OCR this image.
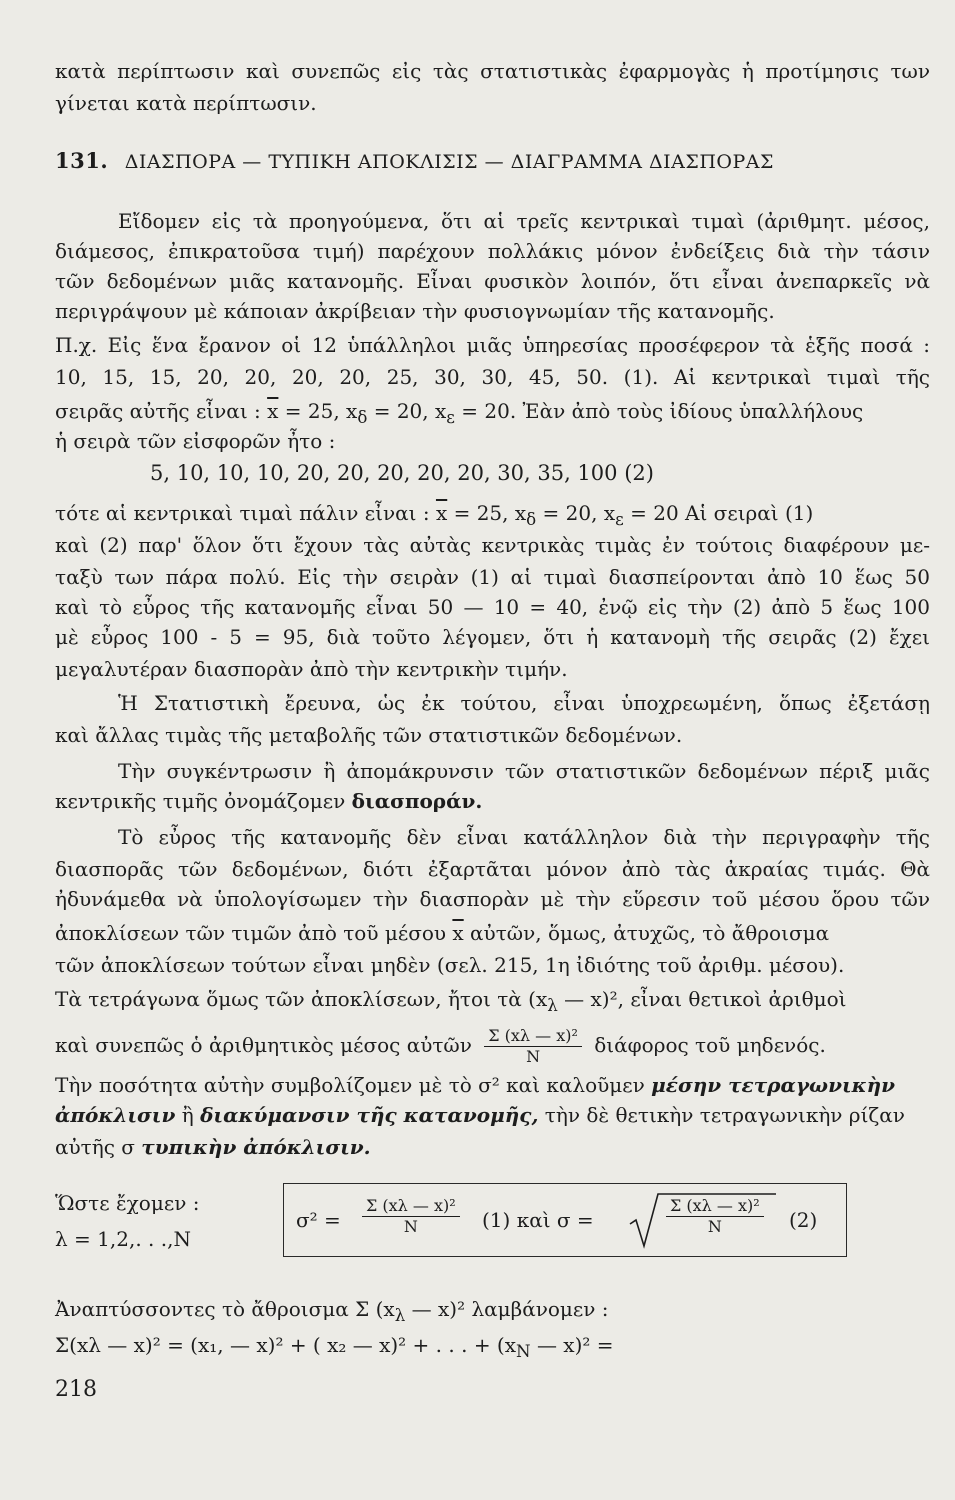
κατὰ περίπτωσιν καὶ συνεπῶς εἰς τὰς στατιστικὰς ἐφαρμογὰς ἡ προτίμησις των
γίνεται κατὰ περίπτωσιν.
131. ΔΙΑΣΠΟΡΑ — ΤΥΠΙΚΗ ΑΠΟΚΛΙΣΙΣ — ΔΙΑΓΡΑΜΜΑ ΔΙΑΣΠΟΡΑΣ
Εἴδομεν εἰς τὰ προηγούμενα, ὅτι αἱ τρεῖς κεντρικαὶ τιμαὶ (ἀριθμητ. μέσος,
διάμεσος, ἐπικρατοῦσα τιμή) παρέχουν πολλάκις μόνον ἐνδείξεις διὰ τὴν τάσιν
τῶν δεδομένων μιᾶς κατανομῆς. Εἶναι φυσικὸν λοιπόν, ὅτι εἶναι ἀνεπαρκεῖς νὰ
περιγράψουν μὲ κάποιαν ἀκρίβειαν τὴν φυσιογνωμίαν τῆς κατανομῆς.
Π.χ. Εἰς ἕνα ἔρανον οἱ 12 ὑπάλληλοι μιᾶς ὑπηρεσίας προσέφερον τὰ ἑξῆς ποσά :
10, 15, 15, 20, 20, 20, 20, 25, 30, 30, 45, 50. (1). Αἱ κεντρικαὶ τιμαὶ τῆς
σειρᾶς αὐτῆς εἶναι : $\overline{x} = 25$, $x_\delta = 20$, $x_\varepsilon = 20$. Ἐὰν ἀπὸ τοὺς ἰδίους ὑπαλλήλους
ἡ σειρὰ τῶν εἰσφορῶν ἦτο :
5, 10, 10, 10, 20, 20, 20, 20, 20, 30, 35, 100 (2)
τότε αἱ κεντρικαὶ τιμαὶ πάλιν εἶναι : $\overline{x} = 25$, $x_\delta = 20$, $x_\varepsilon = 20$ Αἱ σειραὶ (1)
καὶ (2) παρ' ὅλον ὅτι ἔχουν τὰς αὐτὰς κεντρικὰς τιμὰς ἐν τούτοις διαφέρουν με-
ταξὺ των πάρα πολύ. Εἰς τὴν σειρὰν (1) αἱ τιμαὶ διασπείρονται ἀπὸ 10 ἕως 50
καὶ τὸ εὖρος τῆς κατανομῆς εἶναι 50 — 10 = 40, ἐνῷ εἰς τὴν (2) ἀπὸ 5 ἕως 100
μὲ εὖρος 100 - 5 = 95, διὰ τοῦτο λέγομεν, ὅτι ἡ κατανομὴ τῆς σειρᾶς (2) ἔχει
μεγαλυτέραν διασπορὰν ἀπὸ τὴν κεντρικὴν τιμήν.
Ἡ Στατιστικὴ ἔρευνα, ὡς ἐκ τούτου, εἶναι ὑποχρεωμένη, ὅπως ἐξετάσῃ
καὶ ἄλλας τιμὰς τῆς μεταβολῆς τῶν στατιστικῶν δεδομένων.
Τὴν συγκέντρωσιν ἢ ἀπομάκρυνσιν τῶν στατιστικῶν δεδομένων πέριξ μιᾶς
κεντρικῆς τιμῆς ὀνομάζομεν διασποράν.
Τὸ εὖρος τῆς κατανομῆς δὲν εἶναι κατάλληλον διὰ τὴν περιγραφὴν τῆς
διασπορᾶς τῶν δεδομένων, διότι ἐξαρτᾶται μόνον ἀπὸ τὰς ἀκραίας τιμάς. Θὰ
ἠδυνάμεθα νὰ ὑπολογίσωμεν τὴν διασπορὰν μὲ τὴν εὕρεσιν τοῦ μέσου ὅρου τῶν
ἀποκλίσεων τῶν τιμῶν ἀπὸ τοῦ μέσου $\overline{x}$ αὐτῶν, ὅμως, ἀτυχῶς, τὸ ἄθροισμα
τῶν ἀποκλίσεων τούτων εἶναι μηδὲν (σελ. 215, 1η ἰδιότης τοῦ ἀριθμ. μέσου).
Τὰ τετράγωνα ὅμως τῶν ἀποκλίσεων, ἤτοι τὰ ($x_\lambda$ — x)², εἶναι θετικοὶ ἀριθμοὶ
καὶ συνεπῶς ὁ ἀριθμητικὸς μέσος αὐτῶν $\frac{\text{Σ (xλ — x)²}}{N}$ διάφορος τοῦ μηδενός.
Τὴν ποσότητα αὐτὴν συμβολίζομεν μὲ τὸ σ² καὶ καλοῦμεν μέσην τετραγωνικὴν
ἀπόκλισιν ἢ διακύμανσιν τῆς κατανομῆς, τὴν δὲ θετικὴν τετραγωνικὴν ρίζαν
αὐτῆς σ τυπικὴν ἀπόκλισιν.
Ὥστε ἔχομεν :
λ = 1,2,. . .,N
$\sigma^2 = \frac{\text{Σ (xλ — x)²}}{N} (1)$ καὶ σ =	$\frac{\text{Σ (xλ — x)²}}{N} (2)$
Ἀναπτύσσοντες τὸ ἄθροισμα Σ ($x_\lambda$ — x)² λαμβάνομεν :
Σ(xλ — x)² = (x₁, — x)² + ( x₂ — x)² + . . . + ($x_N$ — x)² =
218
